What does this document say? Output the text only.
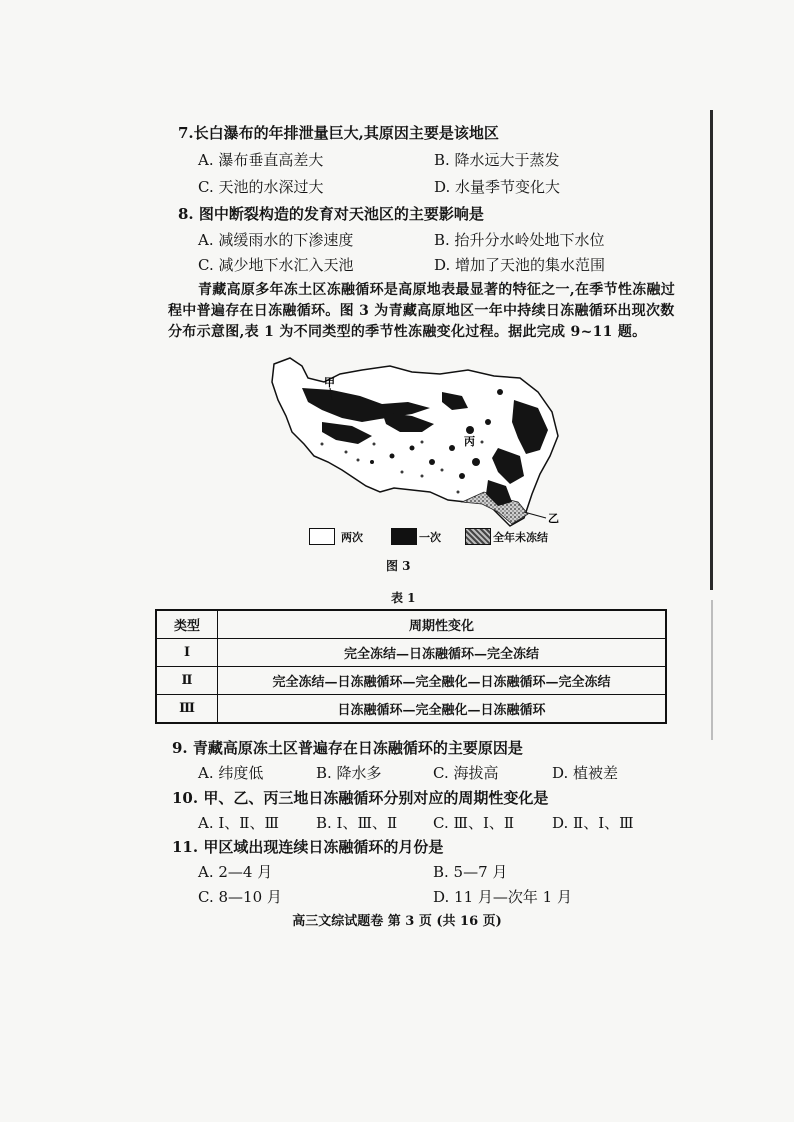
7.长白瀑布的年排泄量巨大,其原因主要是该地区
A. 瀑布垂直高差大	B. 降水远大于蒸发
C. 天池的水深过大	D. 水量季节变化大
8. 图中断裂构造的发育对天池区的主要影响是
A. 减缓雨水的下渗速度	B. 抬升分水岭处地下水位
C. 减少地下水汇入天池	D. 增加了天池的集水范围
青藏高原多年冻土区冻融循环是高原地表最显著的特征之一,在季节性冻融过程中普遍存在日冻融循环。图 3 为青藏高原地区一年中持续日冻融循环出现次数分布示意图,表 1 为不同类型的季节性冻融变化过程。据此完成 9~11 题。
甲
丙
乙
两次	一次	全年未冻结
图 3
表 1
类型	周期性变化
Ⅰ	完全冻结—日冻融循环—完全冻结
Ⅱ	完全冻结—日冻融循环—完全融化—日冻融循环—完全冻结
Ⅲ	日冻融循环—完全融化—日冻融循环
9. 青藏高原冻土区普遍存在日冻融循环的主要原因是
A. 纬度低	B. 降水多	C. 海拔高	D. 植被差
10. 甲、乙、丙三地日冻融循环分别对应的周期性变化是
A. Ⅰ、Ⅱ、Ⅲ B. Ⅰ、Ⅲ、Ⅱ C. Ⅲ、Ⅰ、Ⅱ	D. Ⅱ、Ⅰ、Ⅲ
11. 甲区域出现连续日冻融循环的月份是
A. 2—4 月	B. 5—7 月
C. 8—10 月	D. 11 月—次年 1 月
高三文综试题卷 第 3 页 (共 16 页)
